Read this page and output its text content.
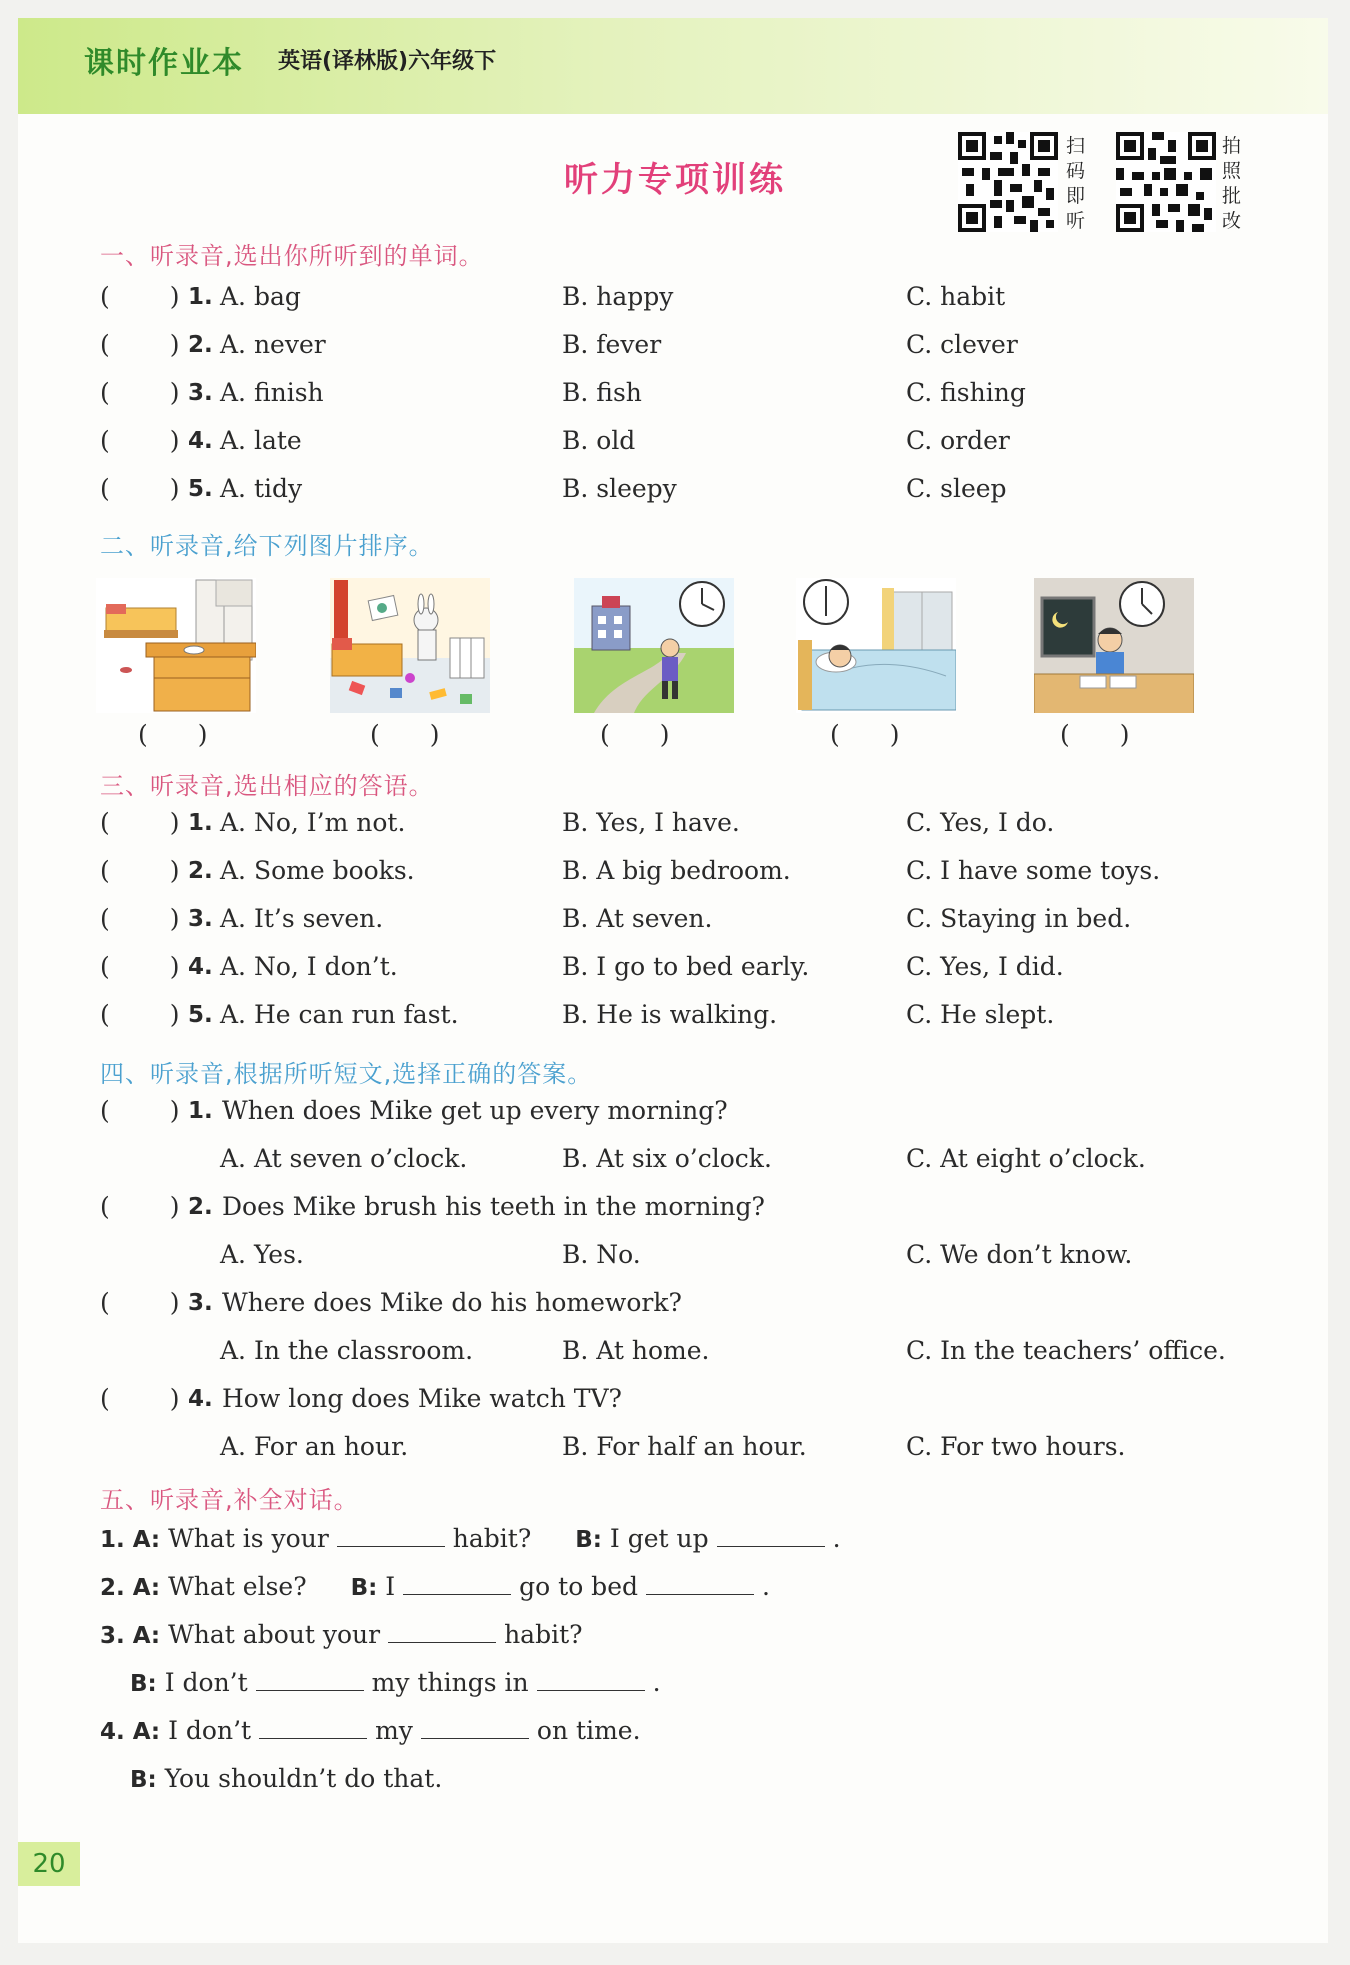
课时作业本 英语(译林版)六年级下
听力专项训练
扫码即听
拍照批改
一、听录音,选出你所听到的单词。
( ) 1. A. bag	B. happy	C. habit
( ) 2. A. never	B. fever	C. clever
( ) 3. A. finish	B. fish	C. fishing
( ) 4. A. late	B. old	C. order
( ) 5. A. tidy	B. sleepy	C. sleep
二、听录音,给下列图片排序。
( )	( )	( )	( )	( )
三、听录音,选出相应的答语。
( ) 1. A. No, I’m not.	B. Yes, I have.	C. Yes, I do.
( ) 2. A. Some books.	B. A big bedroom.	C. I have some toys.
( ) 3. A. It’s seven.	B. At seven.	C. Staying in bed.
( ) 4. A. No, I don’t.	B. I go to bed early.	C. Yes, I did.
( ) 5. A. He can run fast.	B. He is walking.	C. He slept.
四、听录音,根据所听短文,选择正确的答案。
( ) 1. When does Mike get up every morning?
A. At seven o’clock.	B. At six o’clock.	C. At eight o’clock.
( ) 2. Does Mike brush his teeth in the morning?
A. Yes.	B. No.	C. We don’t know.
( ) 3. Where does Mike do his homework?
A. In the classroom.	B. At home.	C. In the teachers’ office.
( ) 4. How long does Mike watch TV?
A. For an hour.	B. For half an hour.	C. For two hours.
五、听录音,补全对话。
1. A: What is your	habit? B: I get up	.
2. A: What else? B: I	go to bed	.
3. A: What about your	habit?
B: I don’t	my things in	.
4. A: I don’t	my	on time.
B: You shouldn’t do that.
20
